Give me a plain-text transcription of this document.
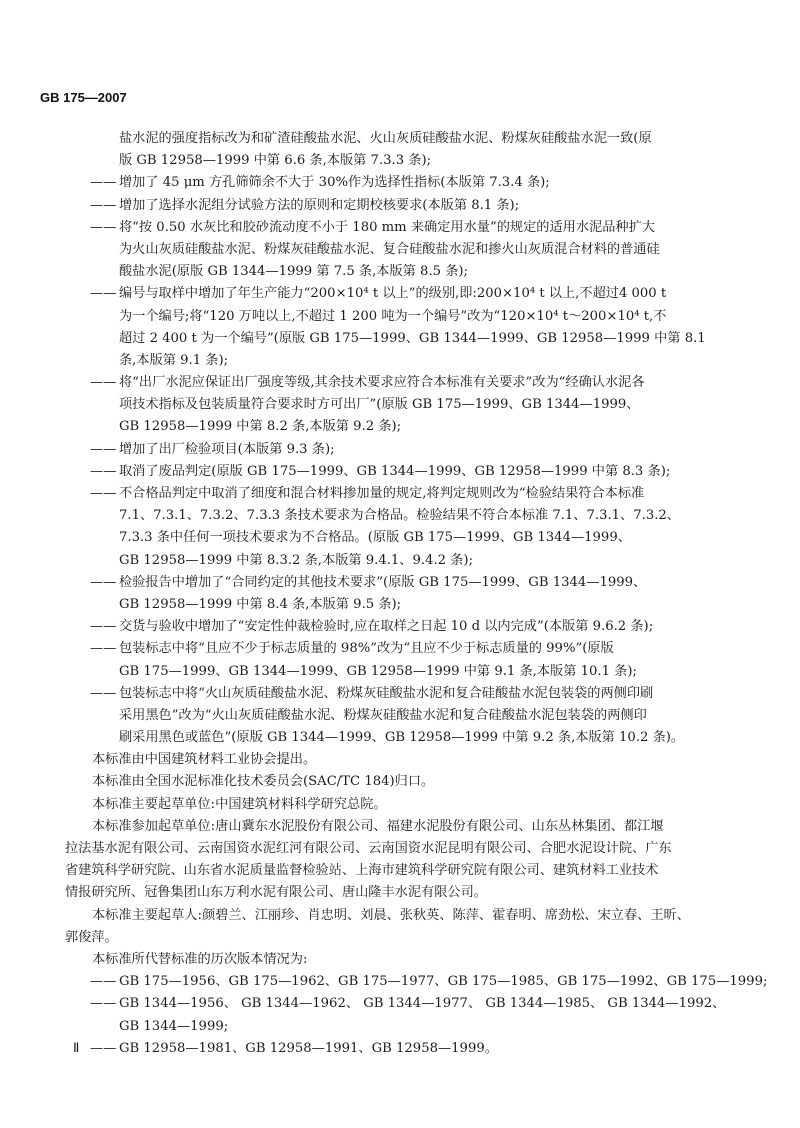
GB 175—2007
盐水泥的强度指标改为和矿渣硅酸盐水泥、火山灰质硅酸盐水泥、粉煤灰硅酸盐水泥一致(原
版 GB 12958—1999 中第 6.6 条,本版第 7.3.3 条);
—— 增加了 45 μm 方孔筛筛余不大于 30%作为选择性指标(本版第 7.3.4 条);
—— 增加了选择水泥组分试验方法的原则和定期校核要求(本版第 8.1 条);
—— 将“按 0.50 水灰比和胶砂流动度不小于 180 mm 来确定用水量”的规定的适用水泥品种扩大
为火山灰质硅酸盐水泥、粉煤灰硅酸盐水泥、复合硅酸盐水泥和掺火山灰质混合材料的普通硅
酸盐水泥(原版 GB 1344—1999 第 7.5 条,本版第 8.5 条);
—— 编号与取样中增加了年生产能力“200×10⁴ t 以上”的级别,即:200×10⁴ t 以上,不超过4 000 t
为一个编号;将“120 万吨以上,不超过 1 200 吨为一个编号”改为“120×10⁴ t～200×10⁴ t,不
超过 2 400 t 为一个编号”(原版 GB 175—1999、GB 1344—1999、GB 12958—1999 中第 8.1
条,本版第 9.1 条);
—— 将“出厂水泥应保证出厂强度等级,其余技术要求应符合本标准有关要求”改为“经确认水泥各
项技术指标及包装质量符合要求时方可出厂”(原版 GB 175—1999、GB 1344—1999、
GB 12958—1999 中第 8.2 条,本版第 9.2 条);
—— 增加了出厂检验项目(本版第 9.3 条);
—— 取消了废品判定(原版 GB 175—1999、GB 1344—1999、GB 12958—1999 中第 8.3 条);
—— 不合格品判定中取消了细度和混合材料掺加量的规定,将判定规则改为“检验结果符合本标准
7.1、7.3.1、7.3.2、7.3.3 条技术要求为合格品。检验结果不符合本标准 7.1、7.3.1、7.3.2、
7.3.3 条中任何一项技术要求为不合格品。(原版 GB 175—1999、GB 1344—1999、
GB 12958—1999 中第 8.3.2 条,本版第 9.4.1、9.4.2 条);
—— 检验报告中增加了“合同约定的其他技术要求”(原版 GB 175—1999、GB 1344—1999、
GB 12958—1999 中第 8.4 条,本版第 9.5 条);
—— 交货与验收中增加了“安定性仲裁检验时,应在取样之日起 10 d 以内完成”(本版第 9.6.2 条);
—— 包装标志中将“且应不少于标志质量的 98%”改为“且应不少于标志质量的 99%”(原版
GB 175—1999、GB 1344—1999、GB 12958—1999 中第 9.1 条,本版第 10.1 条);
—— 包装标志中将“火山灰质硅酸盐水泥、粉煤灰硅酸盐水泥和复合硅酸盐水泥包装袋的两侧印刷
采用黑色”改为“火山灰质硅酸盐水泥、粉煤灰硅酸盐水泥和复合硅酸盐水泥包装袋的两侧印
刷采用黑色或蓝色”(原版 GB 1344—1999、GB 12958—1999 中第 9.2 条,本版第 10.2 条)。
本标准由中国建筑材料工业协会提出。
本标准由全国水泥标准化技术委员会(SAC/TC 184)归口。
本标准主要起草单位:中国建筑材料科学研究总院。
本标准参加起草单位:唐山冀东水泥股份有限公司、福建水泥股份有限公司、山东丛林集团、都江堰
拉法基水泥有限公司、云南国资水泥红河有限公司、云南国资水泥昆明有限公司、合肥水泥设计院、广东
省建筑科学研究院、山东省水泥质量监督检验站、上海市建筑科学研究院有限公司、建筑材料工业技术
情报研究所、冠鲁集团山东万利水泥有限公司、唐山隆丰水泥有限公司。
本标准主要起草人:颜碧兰、江丽珍、肖忠明、刘晨、张秋英、陈萍、霍春明、席劲松、宋立春、王昕、
郭俊萍。
本标准所代替标准的历次版本情况为:
—— GB 175—1956、GB 175—1962、GB 175—1977、GB 175—1985、GB 175—1992、GB 175—1999;
—— GB 1344—1956、 GB 1344—1962、 GB 1344—1977、 GB 1344—1985、 GB 1344—1992、
GB 1344—1999;
—— GB 12958—1981、GB 12958—1991、GB 12958—1999。
Ⅱ
